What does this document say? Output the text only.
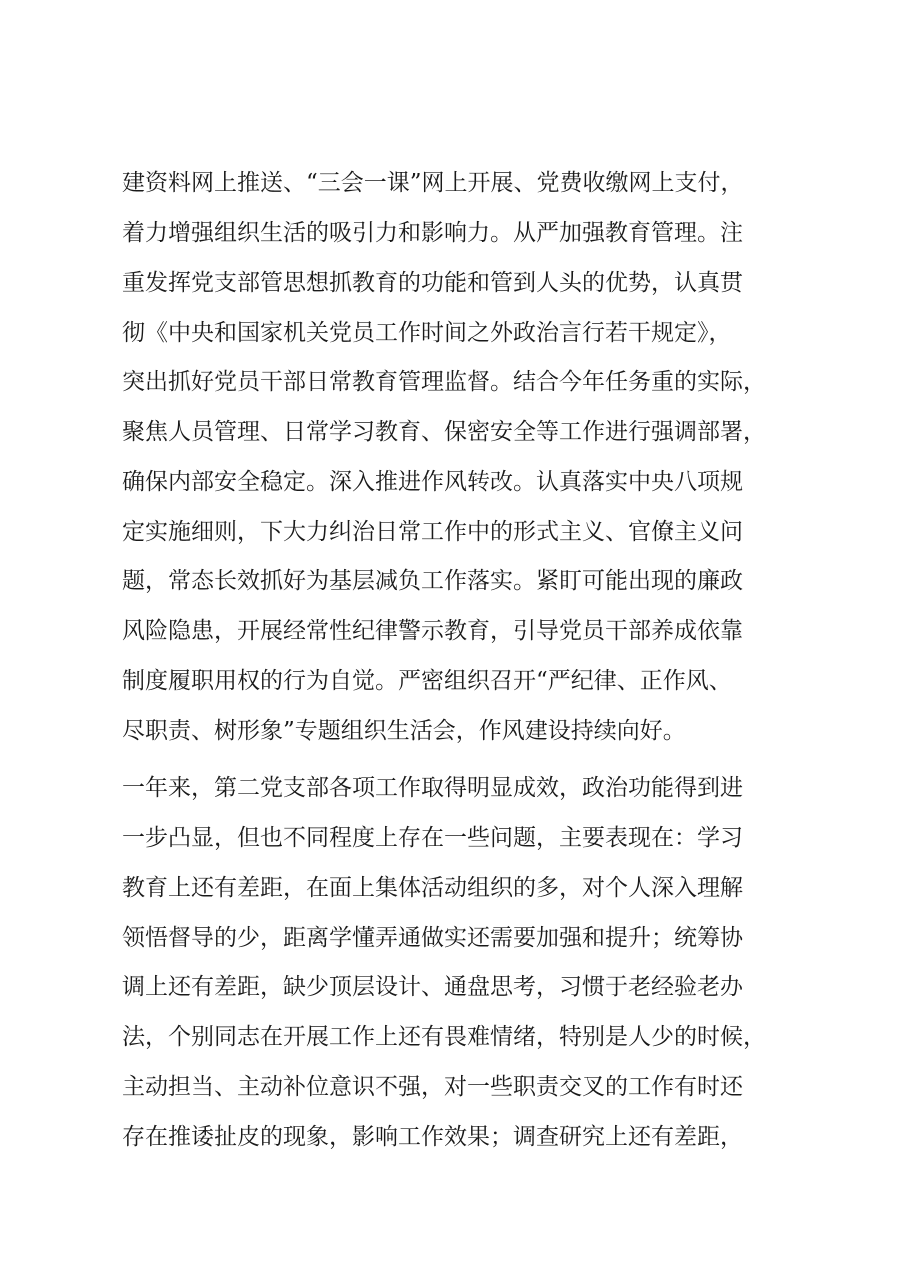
建资料网上推送、“三会一课”网上开展、党费收缴网上支付，
着力增强组织生活的吸引力和影响力。从严加强教育管理。注
重发挥党支部管思想抓教育的功能和管到人头的优势，认真贯
彻《中央和国家机关党员工作时间之外政治言行若干规定》，
突出抓好党员干部日常教育管理监督。结合今年任务重的实际，
聚焦人员管理、日常学习教育、保密安全等工作进行强调部署，
确保内部安全稳定。深入推进作风转改。认真落实中央八项规
定实施细则，下大力纠治日常工作中的形式主义、官僚主义问
题，常态长效抓好为基层减负工作落实。紧盯可能出现的廉政
风险隐患，开展经常性纪律警示教育，引导党员干部养成依靠
制度履职用权的行为自觉。严密组织召开“严纪律、正作风、
尽职责、树形象”专题组织生活会，作风建设持续向好。
一年来，第二党支部各项工作取得明显成效，政治功能得到进
一步凸显，但也不同程度上存在一些问题，主要表现在：学习
教育上还有差距，在面上集体活动组织的多，对个人深入理解
领悟督导的少，距离学懂弄通做实还需要加强和提升；统筹协
调上还有差距，缺少顶层设计、通盘思考，习惯于老经验老办
法，个别同志在开展工作上还有畏难情绪，特别是人少的时候，
主动担当、主动补位意识不强，对一些职责交叉的工作有时还
存在推诿扯皮的现象，影响工作效果；调查研究上还有差距，
